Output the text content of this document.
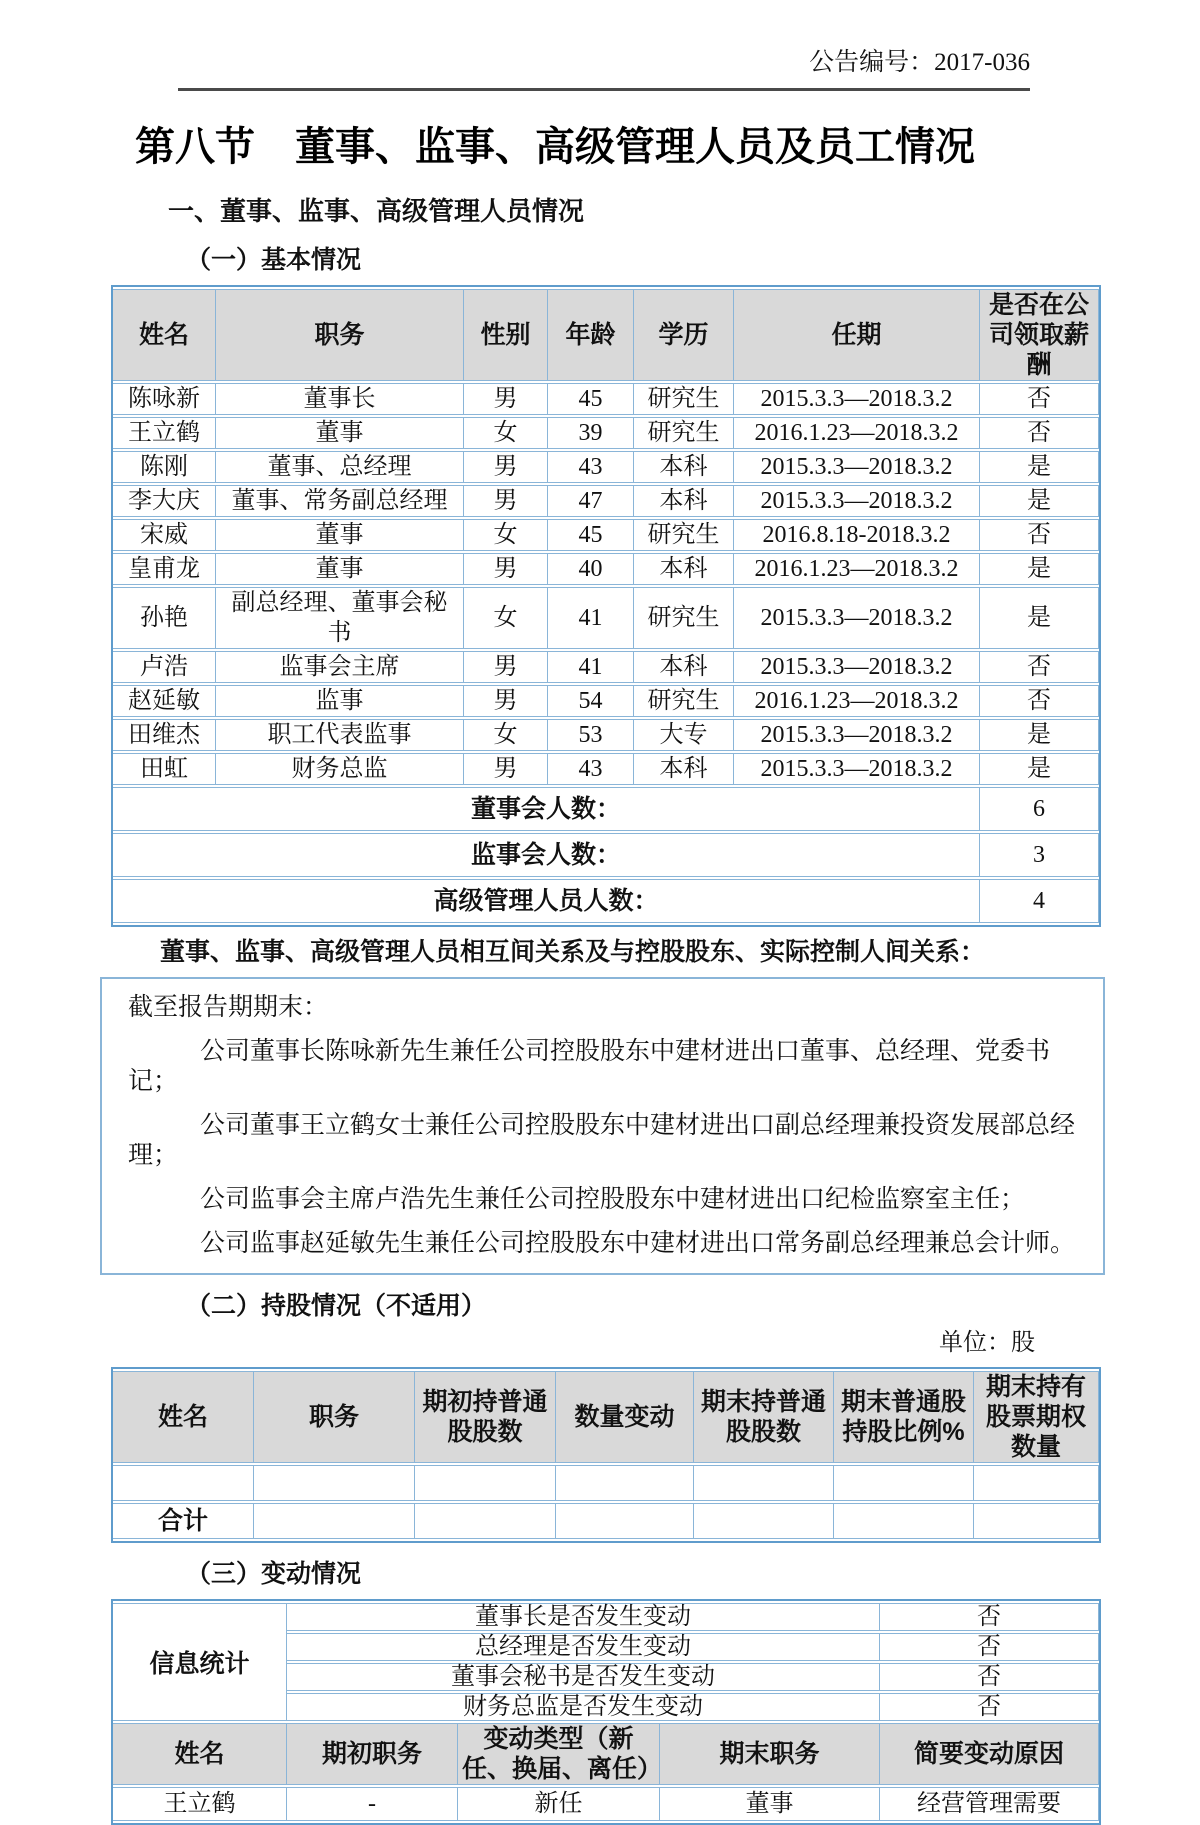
公告编号：2017-036
第八节　董事、监事、高级管理人员及员工情况
一、董事、监事、高级管理人员情况
（一）基本情况
姓名	职务	性别	年龄	学历	任期	是否在公司领取薪酬
陈咏新	董事长	男	45	研究生	2015.3.3—2018.3.2	否
王立鹤	董事	女	39	研究生	2016.1.23—2018.3.2	否
陈刚	董事、总经理	男	43	本科	2015.3.3—2018.3.2	是
李大庆	董事、常务副总经理	男	47	本科	2015.3.3—2018.3.2	是
宋威	董事	女	45	研究生	2016.8.18-2018.3.2	否
皇甫龙	董事	男	40	本科	2016.1.23—2018.3.2	是
孙艳	副总经理、董事会秘书	女	41	研究生	2015.3.3—2018.3.2	是
卢浩	监事会主席	男	41	本科	2015.3.3—2018.3.2	否
赵延敏	监事	男	54	研究生	2016.1.23—2018.3.2	否
田维杰	职工代表监事	女	53	大专	2015.3.3—2018.3.2	是
田虹	财务总监	男	43	本科	2015.3.3—2018.3.2	是
董事会人数：						6
监事会人数：						3
高级管理人员人数：						4
董事、监事、高级管理人员相互间关系及与控股股东、实际控制人间关系：

截至报告期期末：

公司董事长陈咏新先生兼任公司控股股东中建材进出口董事、总经理、党委书记；

公司董事王立鹤女士兼任公司控股股东中建材进出口副总经理兼投资发展部总经理；

公司监事会主席卢浩先生兼任公司控股股东中建材进出口纪检监察室主任；

公司监事赵延敏先生兼任公司控股股东中建材进出口常务副总经理兼总会计师。

（二）持股情况（不适用）
单位：股
姓名	职务	期初持普通股股数	数量变动	期末持普通股股数	期末普通股持股比例%	期末持有股票期权数量

合计						
（三）变动情况
信息统计	董事长是否发生变动			否
	总经理是否发生变动			否
	董事会秘书是否发生变动			否
	财务总监是否发生变动			否
姓名	期初职务	变动类型（新任、换届、离任）	期末职务	简要变动原因
王立鹤	-	新任	董事	经营管理需要
